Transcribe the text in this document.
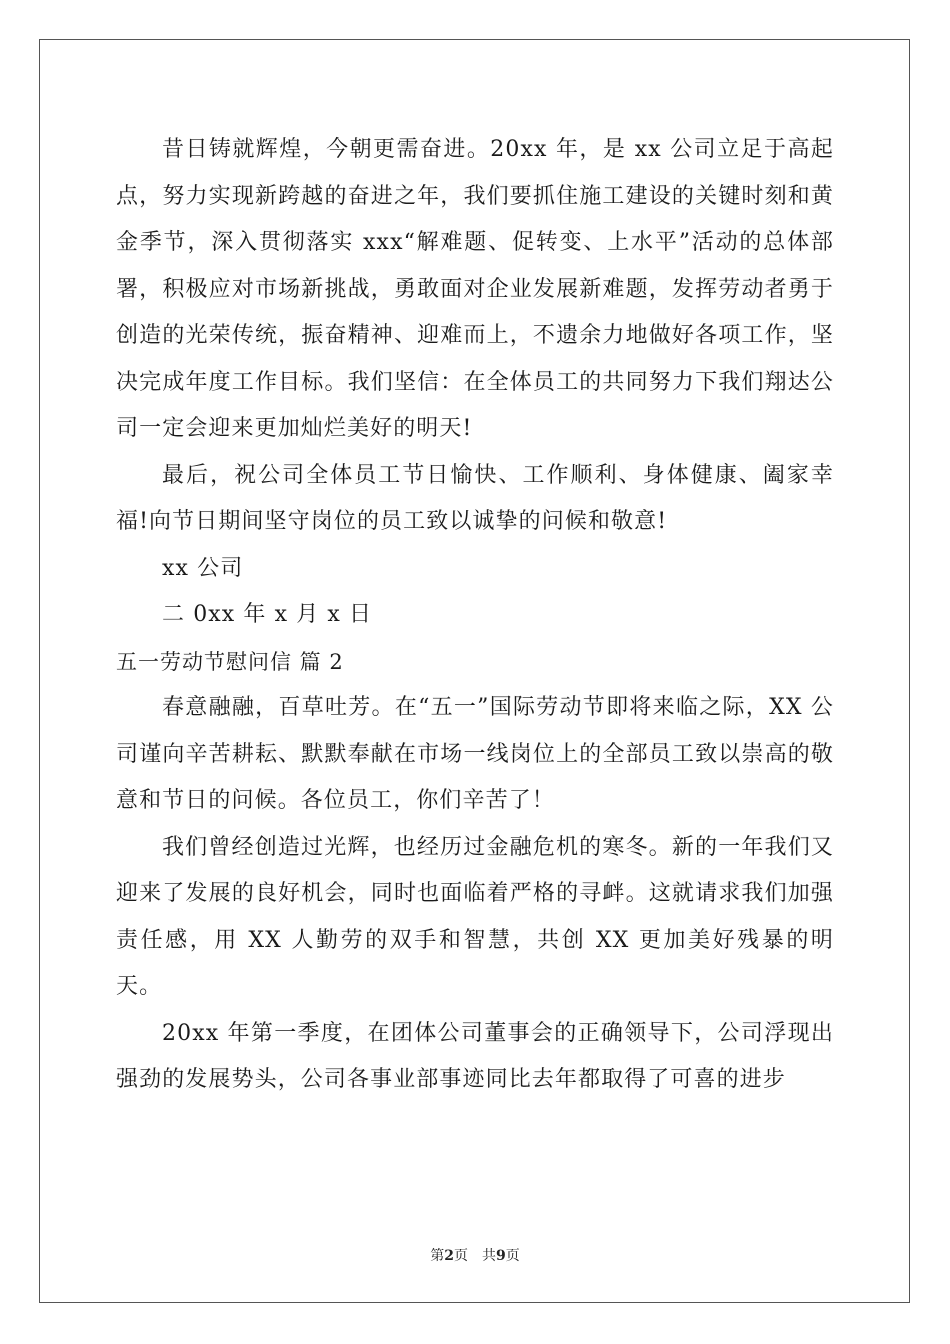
昔日铸就辉煌，今朝更需奋进。20xx 年，是 xx 公司立足于高起点，努力实现新跨越的奋进之年，我们要抓住施工建设的关键时刻和黄金季节，深入贯彻落实 xxx“解难题、促转变、上水平”活动的总体部署，积极应对市场新挑战，勇敢面对企业发展新难题，发挥劳动者勇于创造的光荣传统，振奋精神、迎难而上，不遗余力地做好各项工作，坚决完成年度工作目标。我们坚信：在全体员工的共同努力下我们翔达公司一定会迎来更加灿烂美好的明天!

最后，祝公司全体员工节日愉快、工作顺利、身体健康、阖家幸福!向节日期间坚守岗位的员工致以诚挚的问候和敬意!

xx 公司

二 0xx 年 x 月 x 日

五一劳动节慰问信 篇 2

春意融融，百草吐芳。在“五一”国际劳动节即将来临之际，XX 公司谨向辛苦耕耘、默默奉献在市场一线岗位上的全部员工致以崇高的敬意和节日的问候。各位员工，你们辛苦了！

我们曾经创造过光辉，也经历过金融危机的寒冬。新的一年我们又迎来了发展的良好机会，同时也面临着严格的寻衅。这就请求我们加强责任感，用 XX 人勤劳的双手和智慧，共创 XX 更加美好残暴的明天。

20xx 年第一季度，在团体公司董事会的正确领导下，公司浮现出强劲的发展势头，公司各事业部事迹同比去年都取得了可喜的进步

第2页　共9页
